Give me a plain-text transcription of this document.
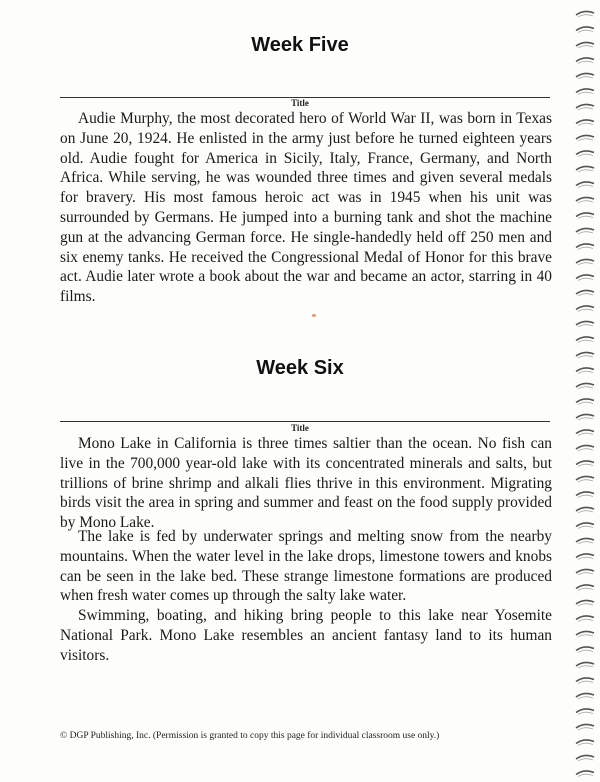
Week Five
Title

Audie Murphy, the most decorated hero of World War II, was born in Texas on June 20, 1924. He enlisted in the army just before he turned eighteen years old. Audie fought for America in Sicily, Italy, France, Germany, and North Africa. While serving, he was wounded three times and given several medals for bravery. His most famous heroic act was in 1945 when his unit was surrounded by Germans. He jumped into a burning tank and shot the machine gun at the advancing German force. He single-handedly held off 250 men and six enemy tanks. He received the Congressional Medal of Honor for this brave act. Audie later wrote a book about the war and became an actor, starring in 40 films.

Week Six
Title

Mono Lake in California is three times saltier than the ocean. No fish can live in the 700,000 year-old lake with its concentrated minerals and salts, but trillions of brine shrimp and alkali flies thrive in this environment. Migrating birds visit the area in spring and summer and feast on the food supply provided by Mono Lake.

The lake is fed by underwater springs and melting snow from the nearby mountains. When the water level in the lake drops, limestone towers and knobs can be seen in the lake bed. These strange limestone formations are produced when fresh water comes up through the salty lake water.

Swimming, boating, and hiking bring people to this lake near Yosemite National Park. Mono Lake resembles an ancient fantasy land to its human visitors.

© DGP Publishing, Inc. (Permission is granted to copy this page for individual classroom use only.)
